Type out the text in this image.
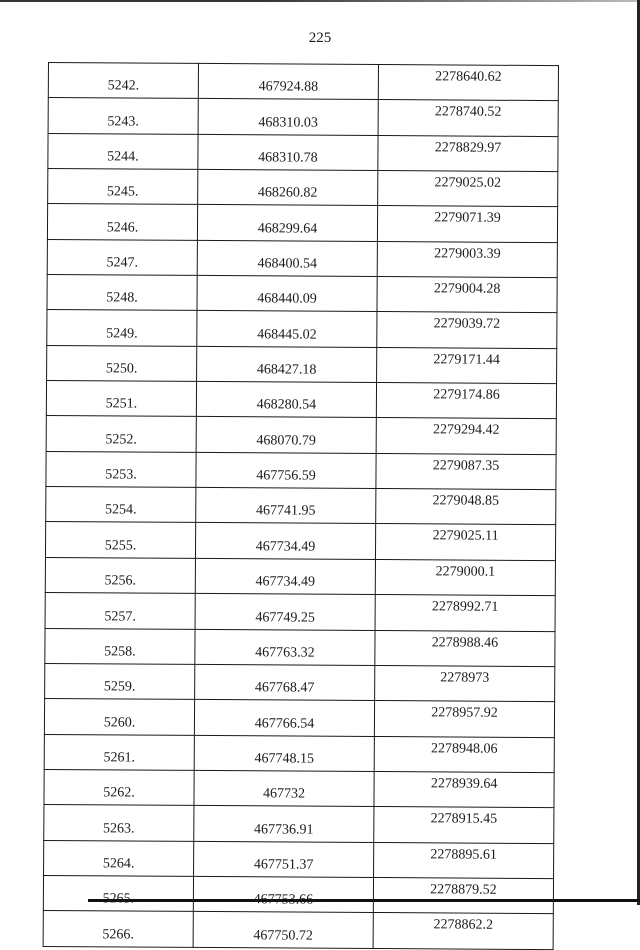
225
5242.	467924.88	2278640.62
5243.	468310.03	2278740.52
5244.	468310.78	2278829.97
5245.	468260.82	2279025.02
5246.	468299.64	2279071.39
5247.	468400.54	2279003.39
5248.	468440.09	2279004.28
5249.	468445.02	2279039.72
5250.	468427.18	2279171.44
5251.	468280.54	2279174.86
5252.	468070.79	2279294.42
5253.	467756.59	2279087.35
5254.	467741.95	2279048.85
5255.	467734.49	2279025.11
5256.	467734.49	2279000.1
5257.	467749.25	2278992.71
5258.	467763.32	2278988.46
5259.	467768.47	2278973
5260.	467766.54	2278957.92
5261.	467748.15	2278948.06
5262.	467732	2278939.64
5263.	467736.91	2278915.45
5264.	467751.37	2278895.61
5265.	467753.66	2278879.52
5266.	467750.72	2278862.2
